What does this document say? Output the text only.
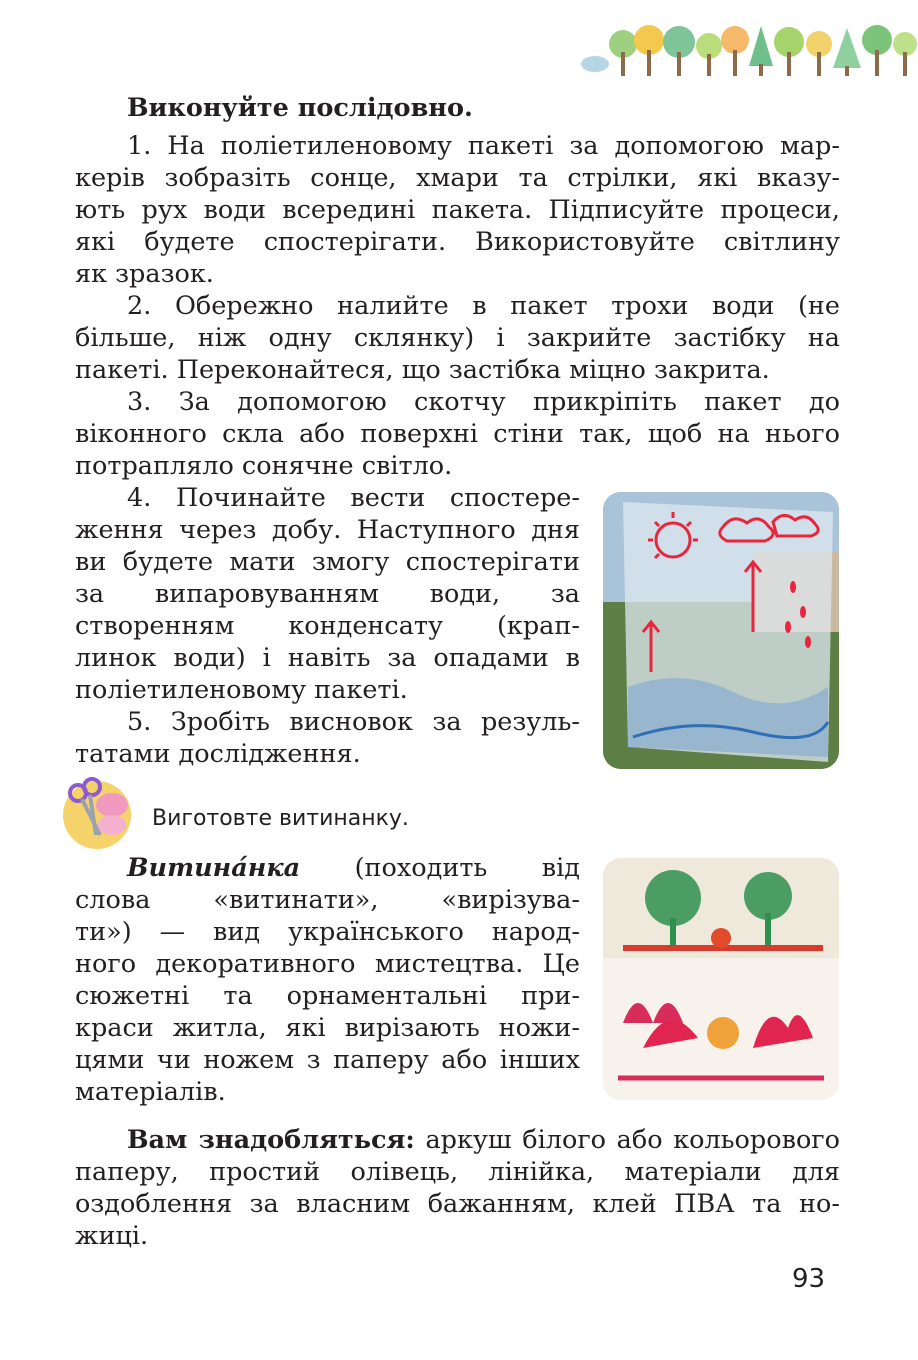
Виконуйте послідовно.

1. На поліетиленовому пакеті за допомогою мар-

керів зобразіть сонце, хмари та стрілки, які вказу-

ють рух води всередині пакета. Підписуйте процеси,

які будете спостерігати. Використовуйте світлину

як зразок.

2. Обережно налийте в пакет трохи води (не

більше, ніж одну склянку) і закрийте застібку на

пакеті. Переконайтеся, що застібка міцно закрита.

3. За допомогою скотчу прикріпіть пакет до

віконного скла або поверхні стіни так, щоб на нього

потрапляло сонячне світло.

4. Починайте вести спостере-

ження через добу. Наступного дня

ви будете мати змогу спостерігати

за випаровуванням води, за

створенням конденсату (крап-

линок води) і навіть за опадами в

поліетиленовому пакеті.

5. Зробіть висновок за резуль-

татами дослідження.

Виготовте витинанку.

Витина́нка (походить від

слова «витинати», «вирізува-

ти») — вид українського народ-

ного декоративного мистецтва. Це

сюжетні та орнаментальні при-

краси житла, які вирізають ножи-

цями чи ножем з паперу або інших

матеріалів.

Вам знадобляться: аркуш білого або кольорового

паперу, простий олівець, лінійка, матеріали для

оздоблення за власним бажанням, клей ПВА та но-

жиці.

93
